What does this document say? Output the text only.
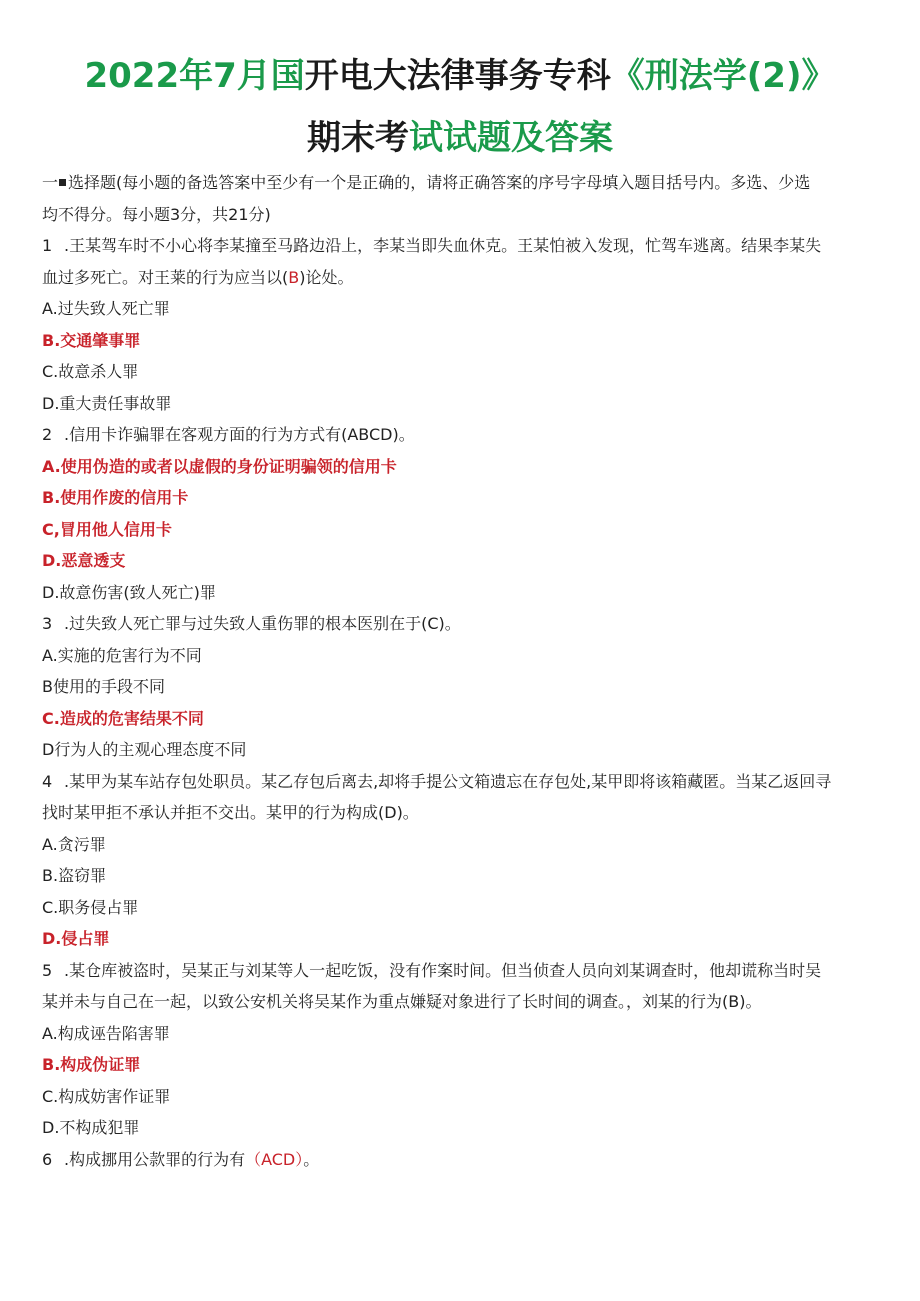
2022年7月国开电大法律事务专科《刑法学(2)》
期末考试试题及答案
一 选择题(每小题的备选答案中至少有一个是正确的，请将正确答案的序号字母填入题目括号内。多选、少选
均不得分。每小题3分，共21分)
1 .王某驾车时不小心将李某撞至马路边沿上，李某当即失血休克。王某怕被入发现，忙驾车逃离。结果李某失
血过多死亡。对王莱的行为应当以(B)论处。
A.过失致人死亡罪
B.交通肇事罪
C.故意杀人罪
D.重大责任事故罪
2 .信用卡诈骗罪在客观方面的行为方式有(ABCD)。
A.使用伪造的或者以虚假的身份证明骗领的信用卡
B.使用作废的信用卡
C,冒用他人信用卡
D.恶意透支
D.故意伤害(致人死亡)罪
3 .过失致人死亡罪与过失致人重伤罪的根本医别在于(C)。
A.实施的危害行为不同
B使用的手段不同
C.造成的危害结果不同
D行为人的主观心理态度不同
4 .某甲为某车站存包处职员。某乙存包后离去,却将手提公文箱遗忘在存包处,某甲即将该箱藏匿。当某乙返回寻
找时某甲拒不承认并拒不交出。某甲的行为构成(D)。
A.贪污罪
B.盗窃罪
C.职务侵占罪
D.侵占罪
5 .某仓库被盗时，吴某正与刘某等人一起吃饭，没有作案时间。但当侦查人员向刘某调查时，他却谎称当时吴
某并未与自己在一起，以致公安机关将吴某作为重点嫌疑对象进行了长时间的调查。，刘某的行为(B)。
A.构成诬告陷害罪
B.构成伪证罪
C.构成妨害作证罪
D.不构成犯罪
6 .构成挪用公款罪的行为有（ACD）。
